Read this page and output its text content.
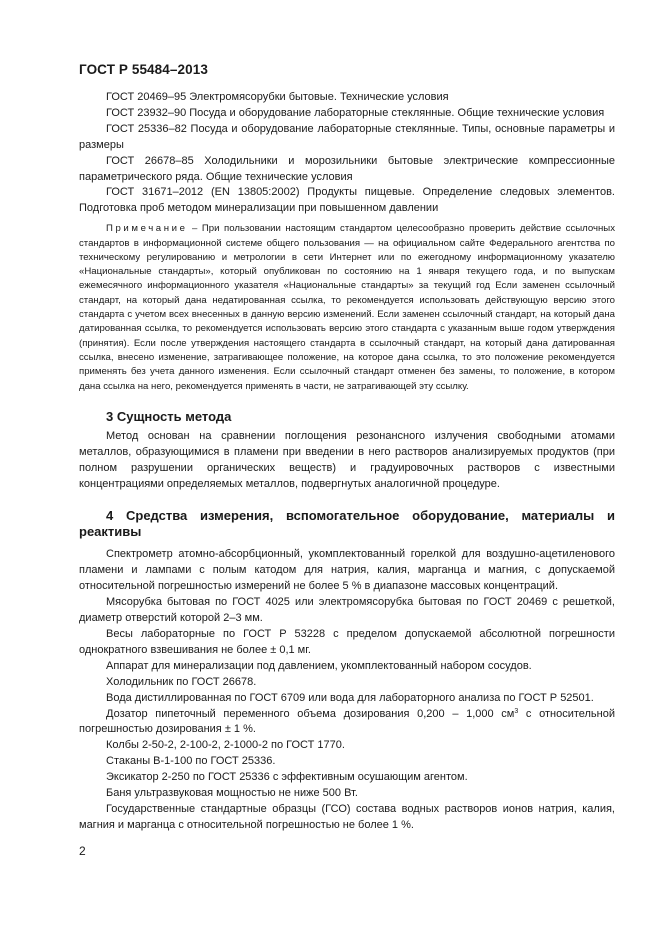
ГОСТ Р 55484–2013

ГОСТ 20469–95 Электромясорубки бытовые. Технические условия

ГОСТ 23932–90 Посуда и оборудование лабораторные стеклянные. Общие технические условия

ГОСТ 25336–82 Посуда и оборудование лабораторные стеклянные. Типы, основные параметры и размеры

ГОСТ 26678–85 Холодильники и морозильники бытовые электрические компрессионные параметрического ряда. Общие технические условия

ГОСТ 31671–2012 (EN 13805:2002) Продукты пищевые. Определение следовых элементов. Подготовка проб методом минерализации при повышенном давлении

Примечание – При пользовании настоящим стандартом целесообразно проверить действие ссылочных стандартов в информационной системе общего пользования — на официальном сайте Федерального агентства по техническому регулированию и метрологии в сети Интернет или по ежегодному информационному указателю «Национальные стандарты», который опубликован по состоянию на 1 января текущего года, и по выпускам ежемесячного информационного указателя «Национальные стандарты» за текущий год Если заменен ссылочный стандарт, на который дана недатированная ссылка, то рекомендуется использовать действующую версию этого стандарта с учетом всех внесенных в данную версию изменений. Если заменен ссылочный стандарт, на который дана датированная ссылка, то рекомендуется использовать версию этого стандарта с указанным выше годом утверждения (принятия). Если после утверждения настоящего стандарта в ссылочный стандарт, на который дана датированная ссылка, внесено изменение, затрагивающее положение, на которое дана ссылка, то это положение рекомендуется применять без учета данного изменения. Если ссылочный стандарт отменен без замены, то положение, в котором дана ссылка на него, рекомендуется применять в части, не затрагивающей эту ссылку.

3 Сущность метода

Метод основан на сравнении поглощения резонансного излучения свободными атомами металлов, образующимися в пламени при введении в него растворов анализируемых продуктов (при полном разрушении органических веществ) и градуировочных растворов с известными концентрациями определяемых металлов, подвергнутых аналогичной процедуре.

4 Средства измерения, вспомогательное оборудование, материалы и реактивы

Спектрометр атомно-абсорбционный, укомплектованный горелкой для воздушно-ацетиленового пламени и лампами с полым катодом для натрия, калия, марганца и магния, с допускаемой относительной погрешностью измерений не более 5 % в диапазоне массовых концентраций.

Мясорубка бытовая по ГОСТ 4025 или электромясорубка бытовая по ГОСТ 20469 с решеткой, диаметр отверстий которой 2–3 мм.

Весы лабораторные по ГОСТ Р 53228 с пределом допускаемой абсолютной погрешности однократного взвешивания не более ± 0,1 мг.

Аппарат для минерализации под давлением, укомплектованный набором сосудов.

Холодильник по ГОСТ 26678.

Вода дистиллированная по ГОСТ 6709 или вода для лабораторного анализа по ГОСТ Р 52501.

Дозатор пипеточный переменного объема дозирования 0,200 – 1,000 $см^3$ с относительной погрешностью дозирования ± 1 %.

Колбы 2-50-2, 2-100-2, 2-1000-2 по ГОСТ 1770.

Стаканы В-1-100 по ГОСТ 25336.

Эксикатор 2-250 по ГОСТ 25336 с эффективным осушающим агентом.

Баня ультразвуковая мощностью не ниже 500 Вт.

Государственные стандартные образцы (ГСО) состава водных растворов ионов натрия, калия, магния и марганца с относительной погрешностью не более 1 %.

2
